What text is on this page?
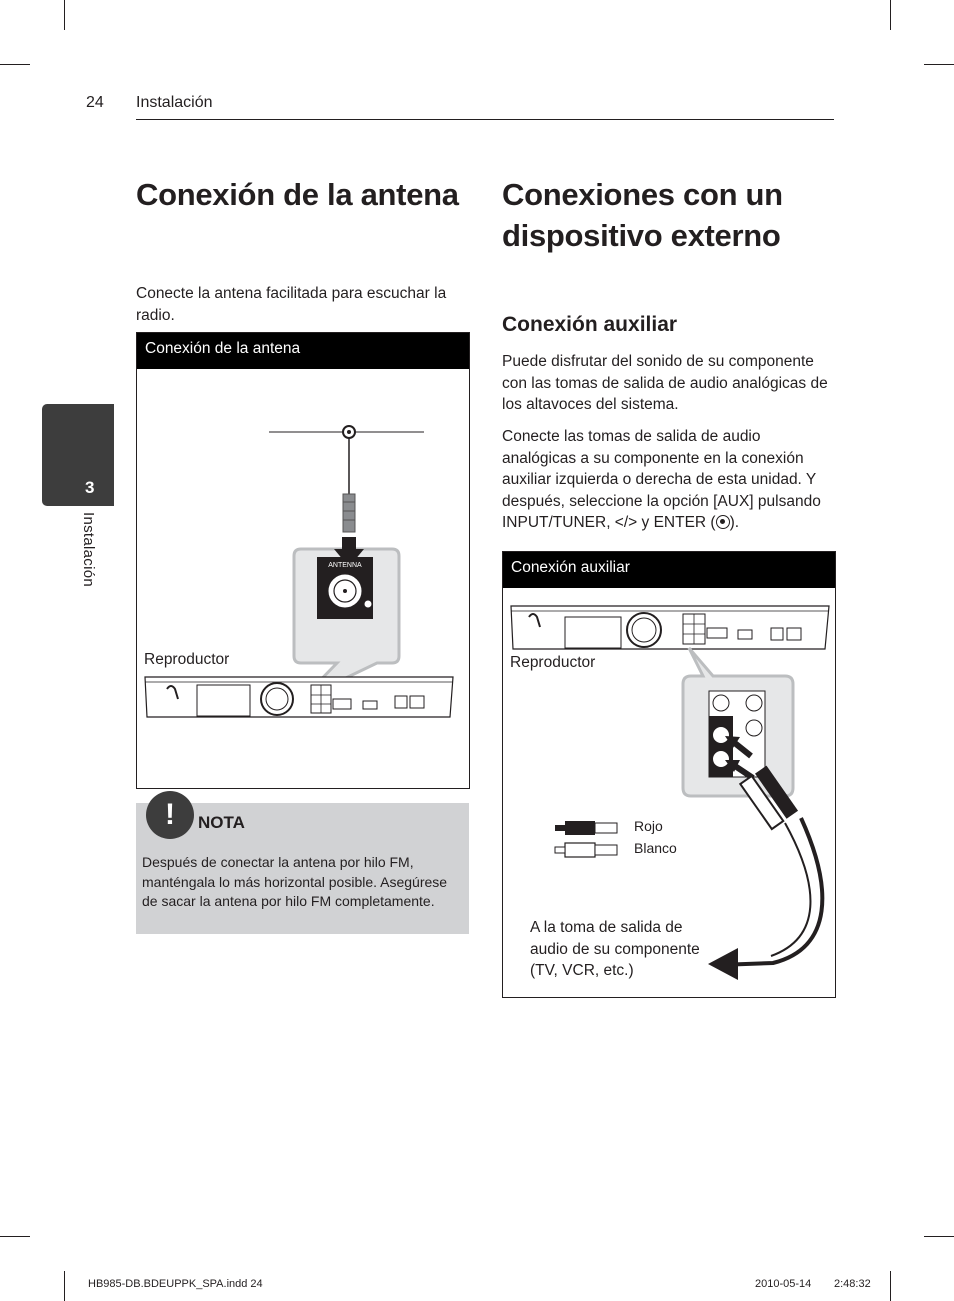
24 Instalación
3
Instalación
Conexión de la antena
Conecte la antena facilitada para escuchar la radio.
Conexión de la antena
ANTENNA
Reproductor
!	NOTA
Después de conectar la antena por hilo FM, manténgala lo más horizontal posible. Asegúrese de sacar la antena por hilo FM completamente.
Conexiones con un
dispositivo externo
Conexión auxiliar
Puede disfrutar del sonido de su componente con las tomas de salida de audio analógicas de los altavoces del sistema.
Conecte las tomas de salida de audio analógicas a su componente en la conexión auxiliar izquierda o derecha de esta unidad. Y después, seleccione la opción [AUX] pulsando INPUT/TUNER, </> y ENTER ( ).
Conexión auxiliar
Reproductor
Rojo
Blanco
A la toma de salida de
audio de su componente
(TV, VCR, etc.)
HB985-DB.BDEUPPK_SPA.indd 24	2010-05-14 2:48:32
